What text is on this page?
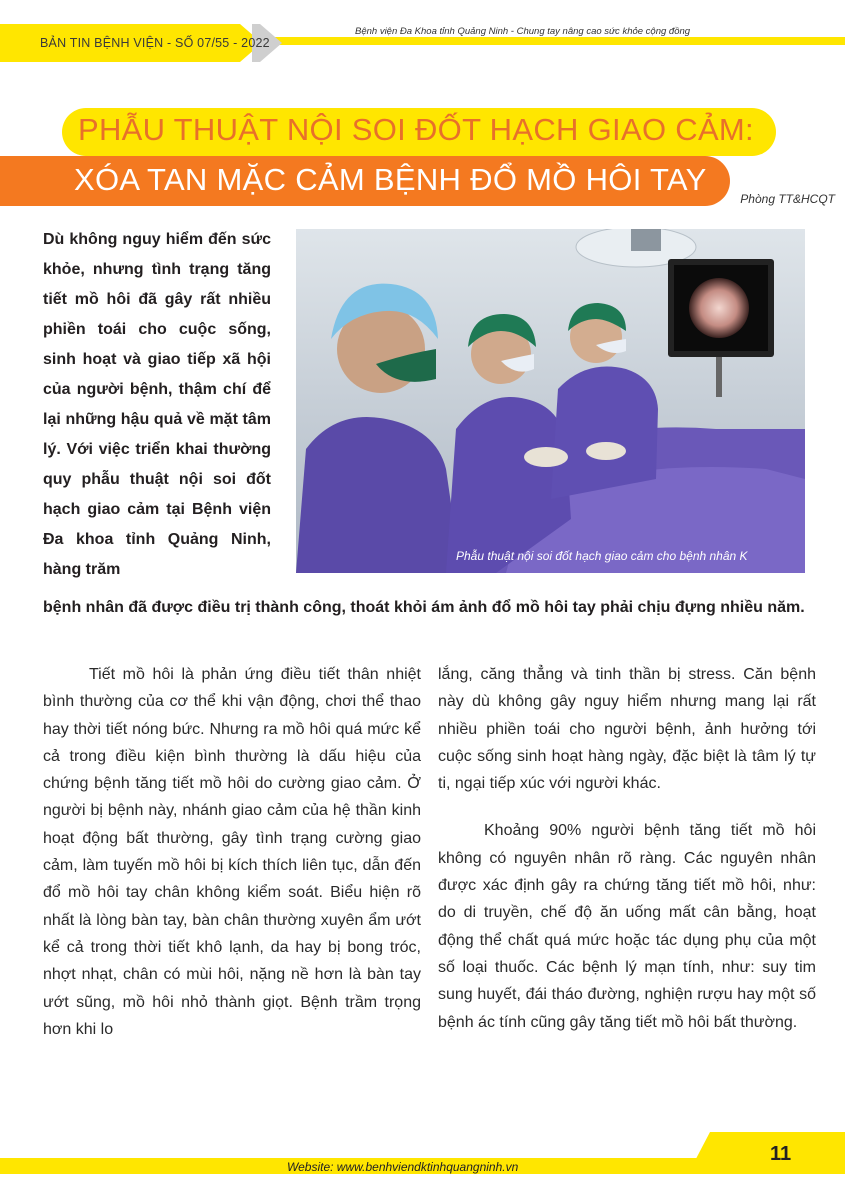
BẢN TIN BỆNH VIỆN - SỐ 07/55 - 2022
Bệnh viện Đa Khoa tỉnh Quảng Ninh - Chung tay nâng cao sức khỏe cộng đồng
PHẪU THUẬT NỘI SOI ĐỐT HẠCH GIAO CẢM:
XÓA TAN MẶC CẢM BỆNH ĐỔ MỒ HÔI TAY
Phòng TT&HCQT

Dù không nguy hiểm đến sức khỏe, nhưng tình trạng tăng tiết mồ hôi đã gây rất nhiều phiền toái cho cuộc sống, sinh hoạt và giao tiếp xã hội của người bệnh, thậm chí để lại những hậu quả về mặt tâm lý. Với việc triển khai thường quy phẫu thuật nội soi đốt hạch giao cảm tại Bệnh viện Đa khoa tỉnh Quảng Ninh, hàng trăm

Phẫu thuật nội soi đốt hạch giao cảm cho bệnh nhân K

bệnh nhân đã được điều trị thành công, thoát khỏi ám ảnh đổ mồ hôi tay phải chịu đựng nhiều năm.

Tiết mồ hôi là phản ứng điều tiết thân nhiệt bình thường của cơ thể khi vận động, chơi thể thao hay thời tiết nóng bức. Nhưng ra mồ hôi quá mức kể cả trong điều kiện bình thường là dấu hiệu của chứng bệnh tăng tiết mồ hôi do cường giao cảm. Ở người bị bệnh này, nhánh giao cảm của hệ thần kinh hoạt động bất thường, gây tình trạng cường giao cảm, làm tuyến mồ hôi bị kích thích liên tục, dẫn đến đổ mồ hôi tay chân không kiểm soát. Biểu hiện rõ nhất là lòng bàn tay, bàn chân thường xuyên ẩm ướt kể cả trong thời tiết khô lạnh, da hay bị bong tróc, nhợt nhạt, chân có mùi hôi, nặng nề hơn là bàn tay ướt sũng, mồ hôi nhỏ thành giọt. Bệnh trầm trọng hơn khi lo

lắng, căng thẳng và tinh thần bị stress. Căn bệnh này dù không gây nguy hiểm nhưng mang lại rất nhiều phiền toái cho người bệnh, ảnh hưởng tới cuộc sống sinh hoạt hàng ngày, đặc biệt là tâm lý tự ti, ngại tiếp xúc với người khác.

Khoảng 90% người bệnh tăng tiết mồ hôi không có nguyên nhân rõ ràng. Các nguyên nhân được xác định gây ra chứng tăng tiết mồ hôi, như: do di truyền, chế độ ăn uống mất cân bằng, hoạt động thể chất quá mức hoặc tác dụng phụ của một số loại thuốc. Các bệnh lý mạn tính, như: suy tim sung huyết, đái tháo đường, nghiện rượu hay một số bệnh ác tính cũng gây tăng tiết mồ hôi bất thường.

11
Website: www.benhviendktinhquangninh.vn
